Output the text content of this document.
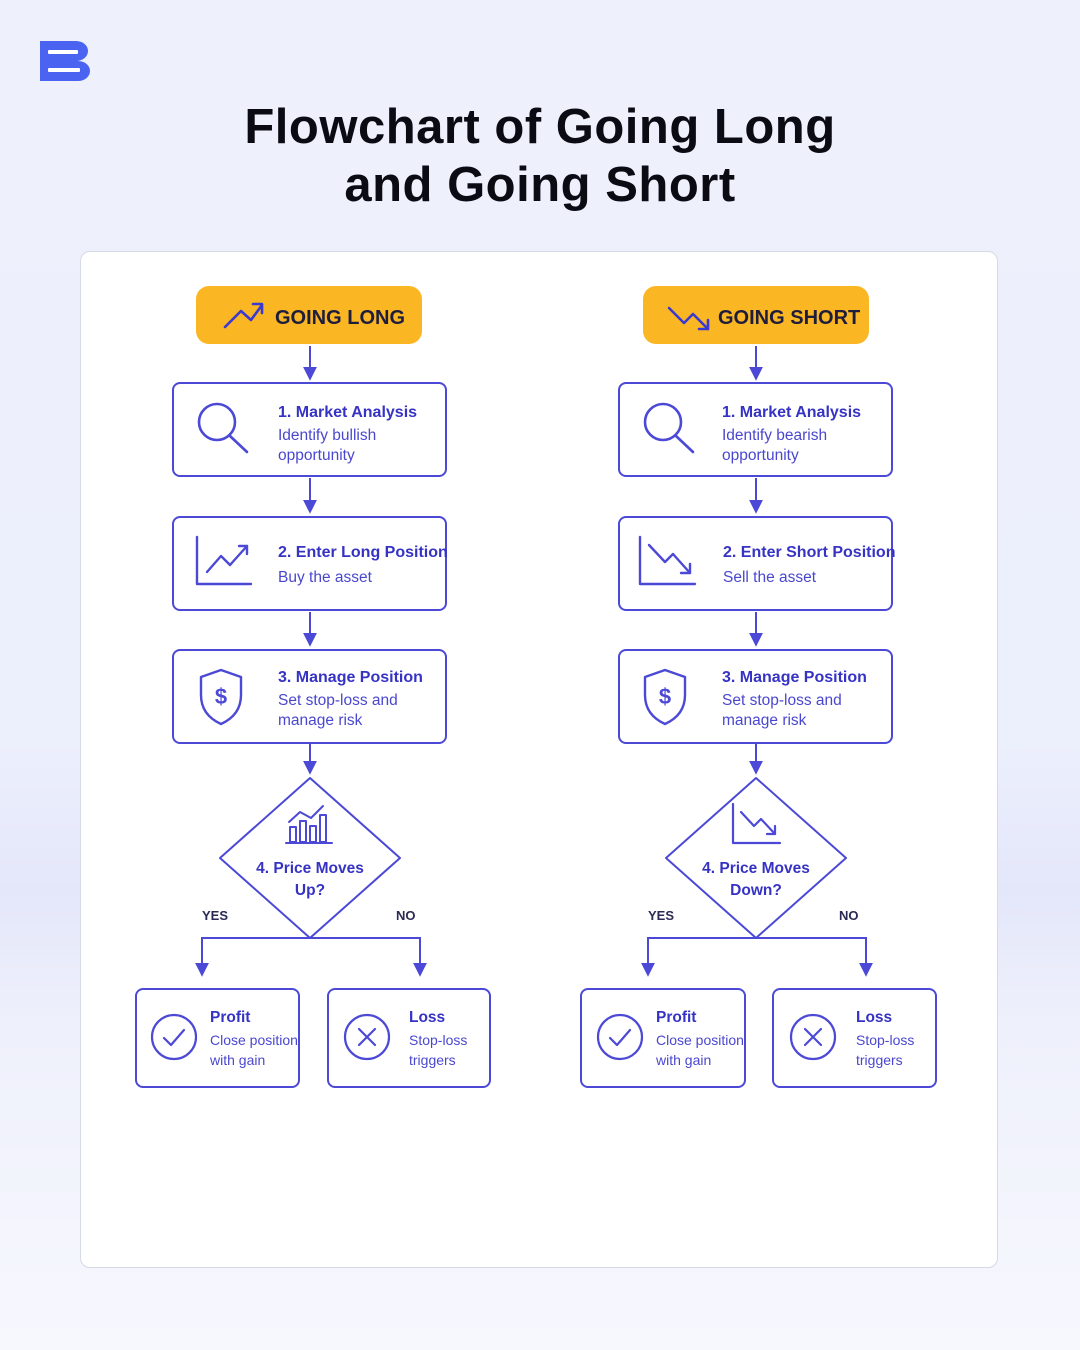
Flowchart of Going Long
and Going Short
GOING LONG
1. Market Analysis
Identify bullish
opportunity
2. Enter Long Position
Buy the asset
$
3. Manage Position
Set stop-loss and
manage risk
4. Price Moves
Up?
YES	NO
Profit
Close position
with gain
Loss
Stop-loss
triggers
GOING SHORT
1. Market Analysis
Identify bearish
opportunity
2. Enter Short Position
Sell the asset
$
3. Manage Position
Set stop-loss and
manage risk
4. Price Moves
Down?
YES	NO
Profit
Close position
with gain
Loss
Stop-loss
triggers
